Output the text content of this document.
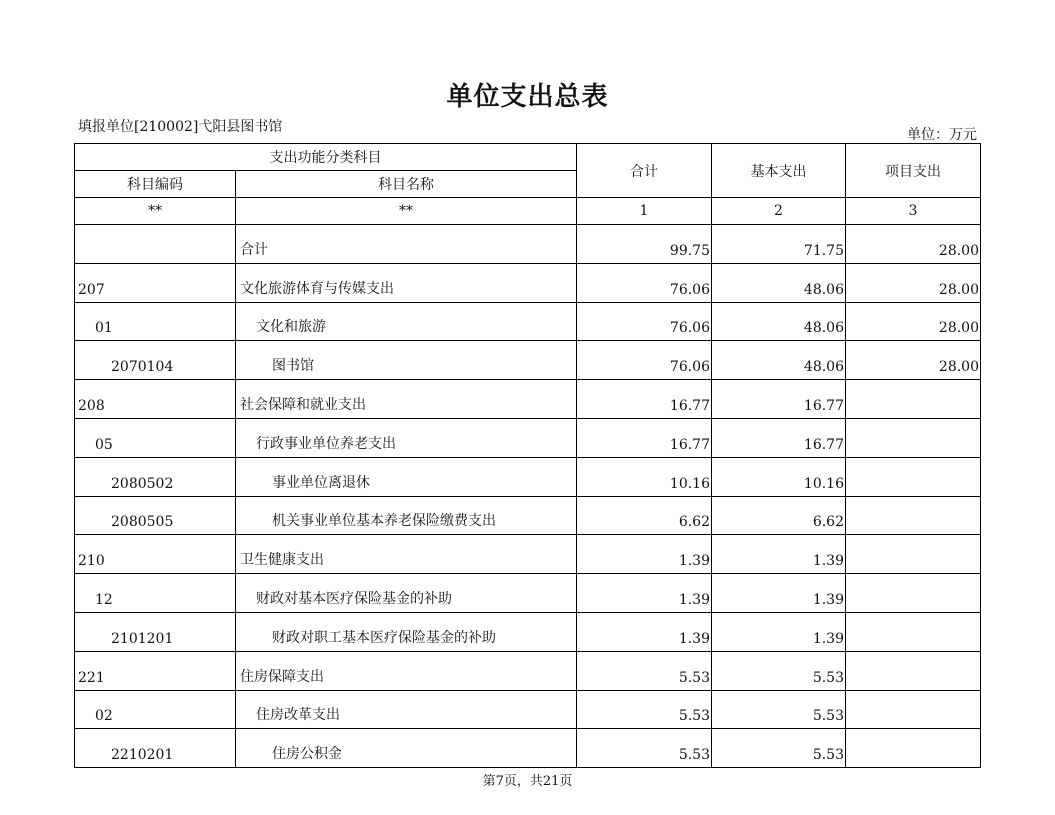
单位支出总表
填报单位[210002]弋阳县图书馆	单位：万元
支出功能分类科目		合计	基本支出	项目支出
科目编码	科目名称			
**	**	1	2	3
	合计	99.75	71.75	28.00
207	文化旅游体育与传媒支出	76.06	48.06	28.00
01	文化和旅游	76.06	48.06	28.00
2070104	图书馆	76.06	48.06	28.00
208	社会保障和就业支出	16.77	16.77	
05	行政事业单位养老支出	16.77	16.77	
2080502	事业单位离退休	10.16	10.16	
2080505	机关事业单位基本养老保险缴费支出	6.62	6.62	
210	卫生健康支出	1.39	1.39	
12	财政对基本医疗保险基金的补助	1.39	1.39	
2101201	财政对职工基本医疗保险基金的补助	1.39	1.39	
221	住房保障支出	5.53	5.53	
02	住房改革支出	5.53	5.53	
2210201	住房公积金	5.53	5.53	
第7页，共21页
